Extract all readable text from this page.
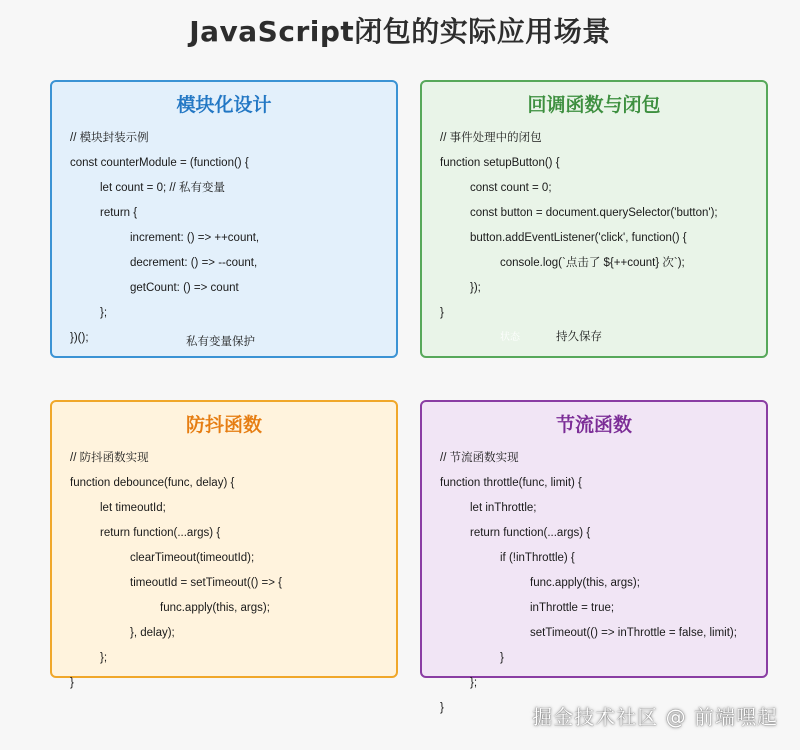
JavaScript闭包的实际应用场景
模块化设计
// 模块封装示例
const counterModule = (function() {
let count = 0; // 私有变量
return {
increment: () => ++count,
decrement: () => --count,
getCount: () => count
};
})();	私有变量保护
回调函数与闭包
// 事件处理中的闭包
function setupButton() {
const count = 0;
const button = document.querySelector('button');
button.addEventListener('click', function() {
console.log(`点击了 ${++count} 次`);
});
}
状态	持久保存
防抖函数
// 防抖函数实现
function debounce(func, delay) {
let timeoutId;
return function(...args) {
clearTimeout(timeoutId);
timeoutId = setTimeout(() => {
func.apply(this, args);
}, delay);
};
}
节流函数
// 节流函数实现
function throttle(func, limit) {
let inThrottle;
return function(...args) {
if (!inThrottle) {
func.apply(this, args);
inThrottle = true;
setTimeout(() => inThrottle = false, limit);
}
};
}	掘金技术社区 @ 前端嘿起
